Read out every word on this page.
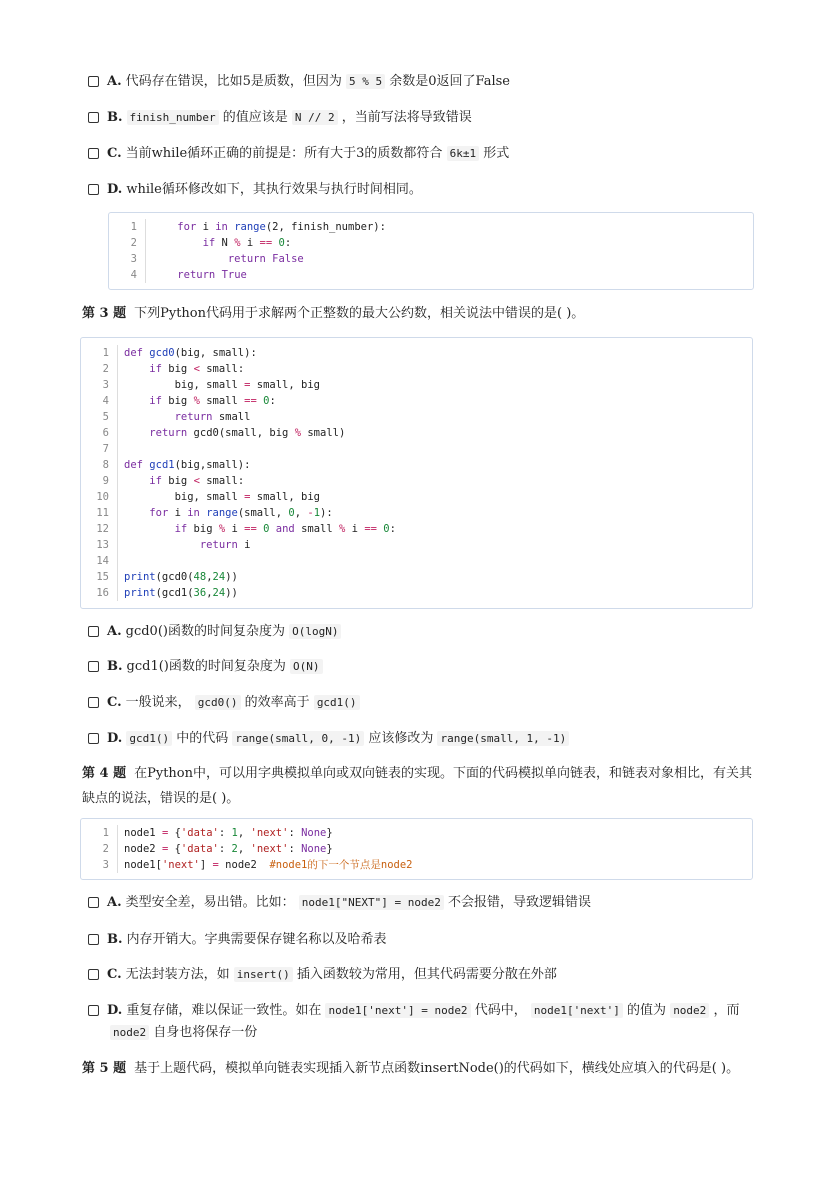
A. 代码存在错误，比如5是质数，但因为 5 % 5 余数是0返回了False
B. finish_number 的值应该是 N // 2 ，当前写法将导致错误
C. 当前while循环正确的前提是：所有大于3的质数都符合 6k±1 形式
D. while循环修改如下，其执行效果与执行时间相同。
1	for i in range(2, finish_number):
2	if N % i == 0:
3	return False
4	return True
第 3 题 下列Python代码用于求解两个正整数的最大公约数，相关说法中错误的是( )。
1	def gcd0(big, small):
2	if big < small:
3	big, small = small, big
4	if big % small == 0:
5	return small
6	return gcd0(small, big % small)
7
8	def gcd1(big,small):
9	if big < small:
10	big, small = small, big
11	for i in range(small, 0, -1):
12	if big % i == 0 and small % i == 0:
13	return i
14
15	print(gcd0(48,24))
16	print(gcd1(36,24))
A. gcd0()函数的时间复杂度为 O(logN)
B. gcd1()函数的时间复杂度为 O(N)
C. 一般说来， gcd0() 的效率高于 gcd1()
D. gcd1() 中的代码 range(small, 0, -1) 应该修改为 range(small, 1, -1)
第 4 题 在Python中，可以用字典模拟单向或双向链表的实现。下面的代码模拟单向链表，和链表对象相比，有关其
缺点的说法，错误的是( )。
1	node1 = {'data': 1, 'next': None}
2	node2 = {'data': 2, 'next': None}
3	node1['next'] = node2  #node1的下一个节点是node2
A. 类型安全差，易出错。比如： node1["NEXT"] = node2 不会报错，导致逻辑错误
B. 内存开销大。字典需要保存键名称以及哈希表
C. 无法封装方法，如 insert() 插入函数较为常用，但其代码需要分散在外部
D. 重复存储，难以保证一致性。如在 node1['next'] = node2 代码中， node1['next'] 的值为 node2 ，而
node2 自身也将保存一份
第 5 题 基于上题代码，模拟单向链表实现插入新节点函数insertNode()的代码如下，横线处应填入的代码是( )。
